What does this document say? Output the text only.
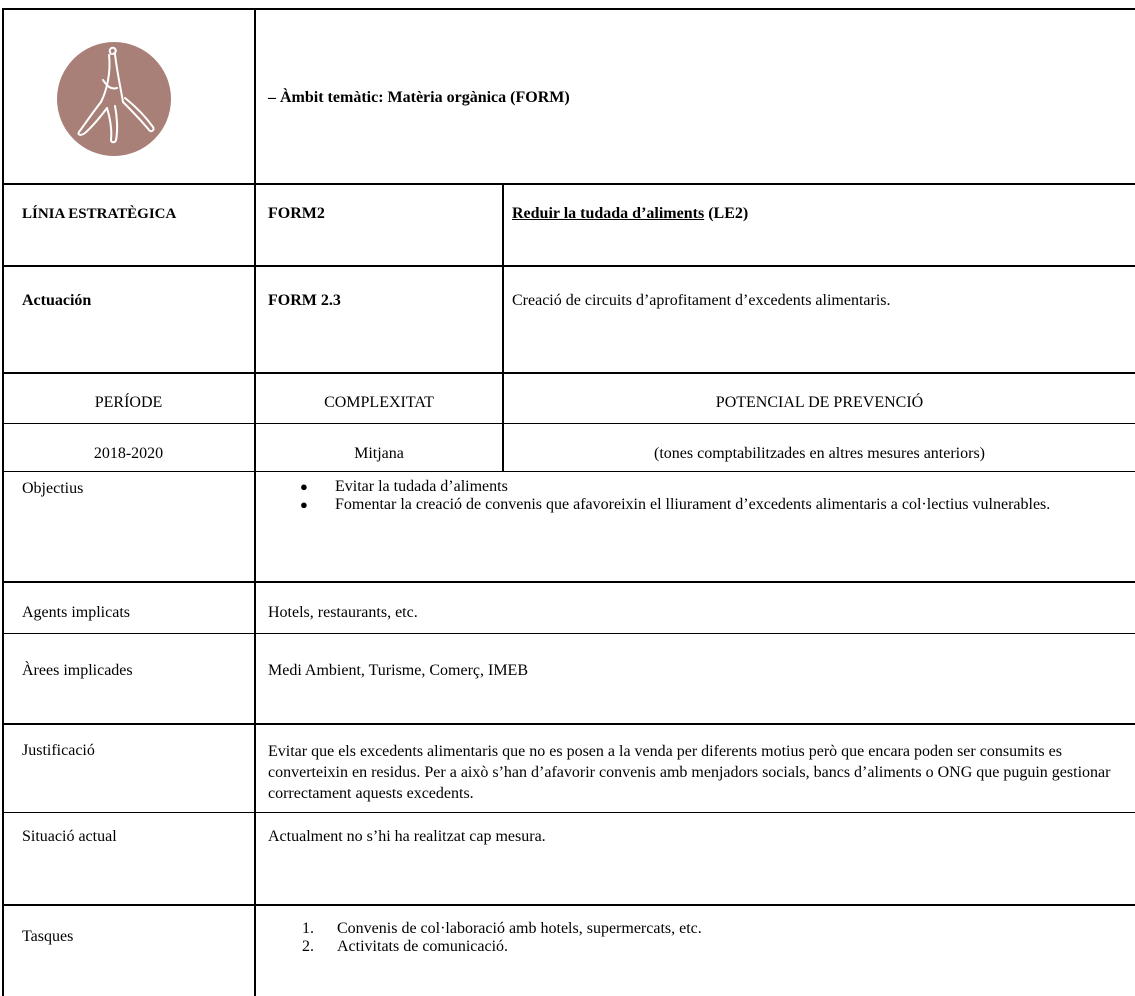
– Àmbit temàtic: Matèria orgànica (FORM)
LÍNIA ESTRATÈGICA	FORM2	Reduir la tudada d’aliments (LE2)
Actuación	FORM 2.3	Creació de circuits d’aprofitament d’excedents alimentaris.
PERÍODE	COMPLEXITAT	POTENCIAL DE PREVENCIÓ
2018-2020	Mitjana	(tones comptabilitzades en altres mesures anteriors)
Objectius	● Evitar la tudada d’aliments
● Fomentar la creació de convenis que afavoreixin el lliurament d’excedents alimentaris a col·lectius vulnerables.
Agents implicats	Hotels, restaurants, etc.
Àrees implicades	Medi Ambient, Turisme, Comerç, IMEB
Justificació	Evitar que els excedents alimentaris que no es posen a la venda per diferents motius però que encara poden ser consumits es converteixin en residus. Per a això s’han d’afavorir convenis amb menjadors socials, bancs d’aliments o ONG que puguin gestionar correctament aquests excedents.
Situació actual	Actualment no s’hi ha realitzat cap mesura.
Tasques	1. Convenis de col·laboració amb hotels, supermercats, etc.
2. Activitats de comunicació.
